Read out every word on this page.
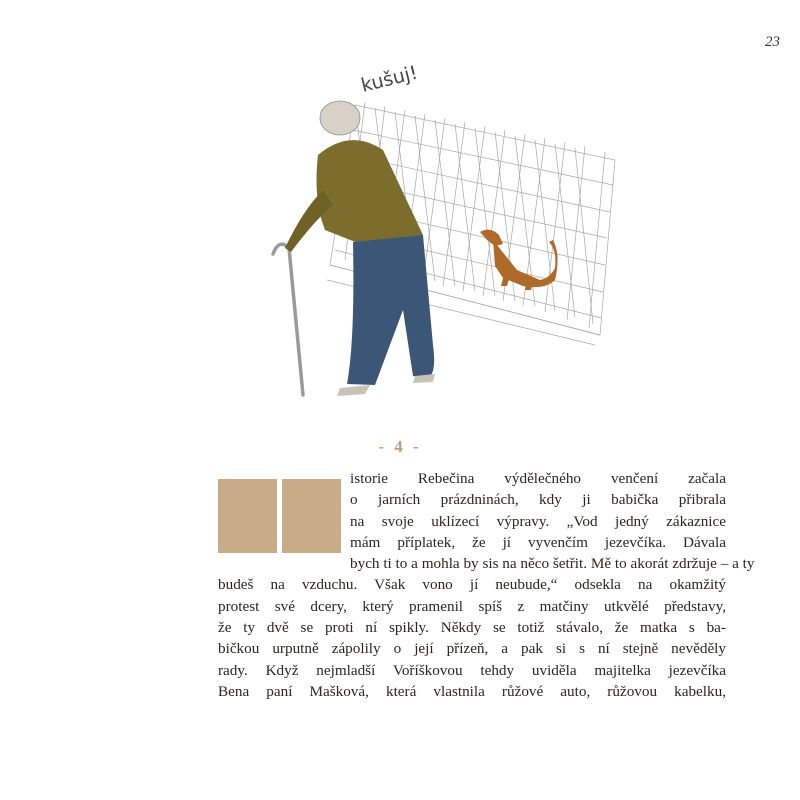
23
kušuj!
- 4 -
istorie Rebečina výdělečného venčení začala
o jarních prázdninách, kdy ji babička přibrala
na svoje uklízecí výpravy. „Vod jedný zákaznice
mám příplatek, že jí vyvenčím jezevčíka. Dávala
bych ti to a mohla by sis na něco šetřit. Mě to akorát zdržuje – a ty
budeš na vzduchu. Však vono jí neubude,“ odsekla na okamžitý
protest své dcery, který pramenil spíš z matčiny utkvělé představy,
že ty dvě se proti ní spikly. Někdy se totiž stávalo, že matka s ba-
bičkou urputně zápolily o její přízeň, a pak si s ní stejně nevěděly
rady. Když nejmladší Voříškovou tehdy uviděla majitelka jezevčíka
Bena paní Mašková, která vlastnila růžové auto, růžovou kabelku,
